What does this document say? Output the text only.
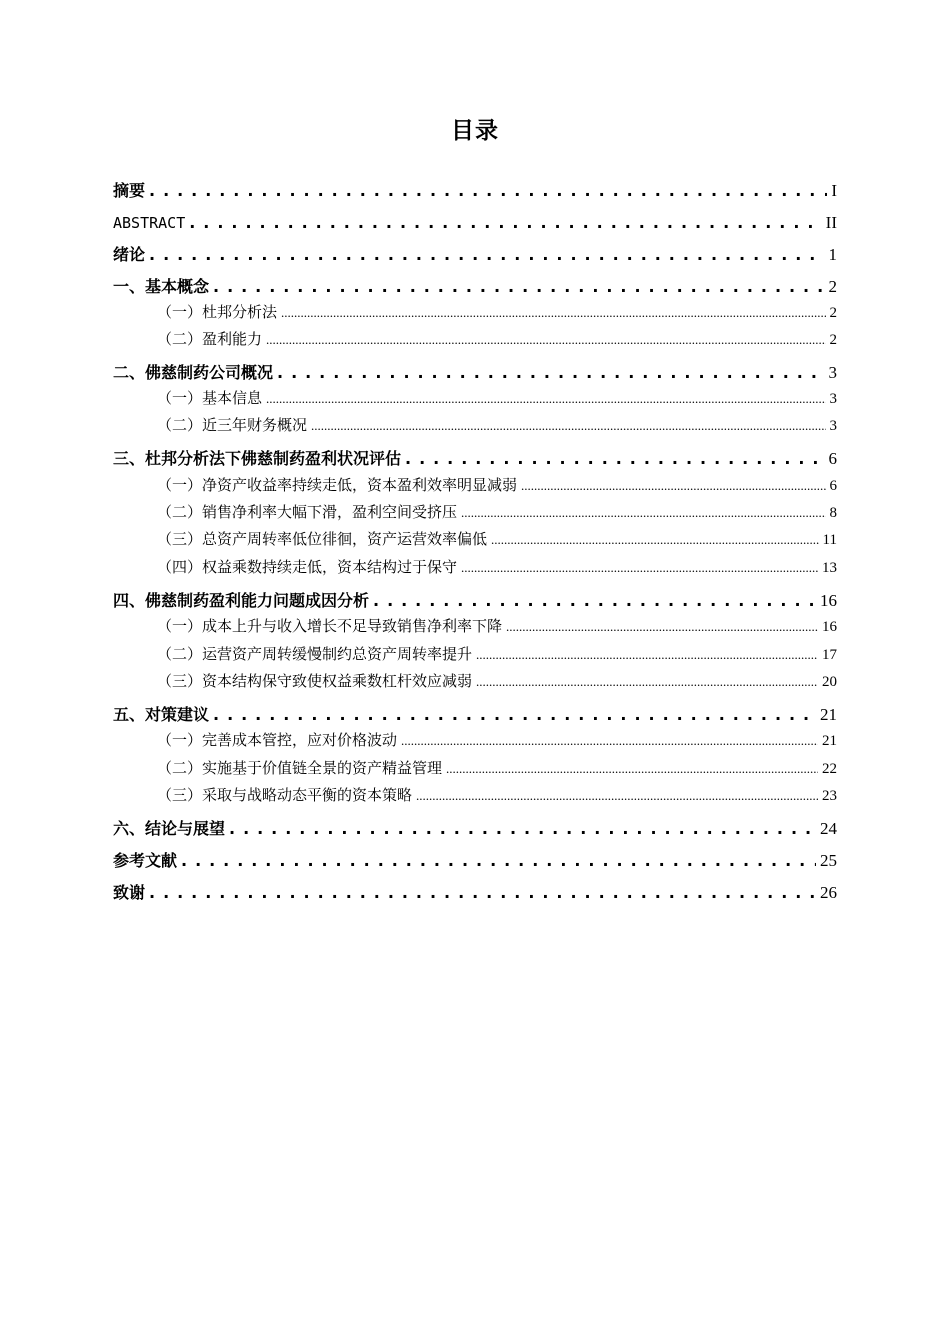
目录
摘要 . . .	I
ABSTRACT . . .	II
绪论 . . .	1
一、基本概念 . . .	2
（一）杜邦分析法 .....	2
（二）盈利能力 .....	2
二、佛慈制药公司概况 . . .	3
（一）基本信息 .....	3
（二）近三年财务概况 .....	3
三、杜邦分析法下佛慈制药盈利状况评估 . . .	6
（一）净资产收益率持续走低，资本盈利效率明显减弱 .....	6
（二）销售净利率大幅下滑，盈利空间受挤压 .....	8
（三）总资产周转率低位徘徊，资产运营效率偏低 .....	11
（四）权益乘数持续走低，资本结构过于保守 .....	13
四、佛慈制药盈利能力问题成因分析 . . .	16
（一）成本上升与收入增长不足导致销售净利率下降 .....	16
（二）运营资产周转缓慢制约总资产周转率提升 .....	17
（三）资本结构保守致使权益乘数杠杆效应减弱 .....	20
五、对策建议 . . .	21
（一）完善成本管控，应对价格波动 .....	21
（二）实施基于价值链全景的资产精益管理 .....	22
（三）采取与战略动态平衡的资本策略 .....	23
六、结论与展望 . . .	24
参考文献 . . .	25
致谢 . . .	26
